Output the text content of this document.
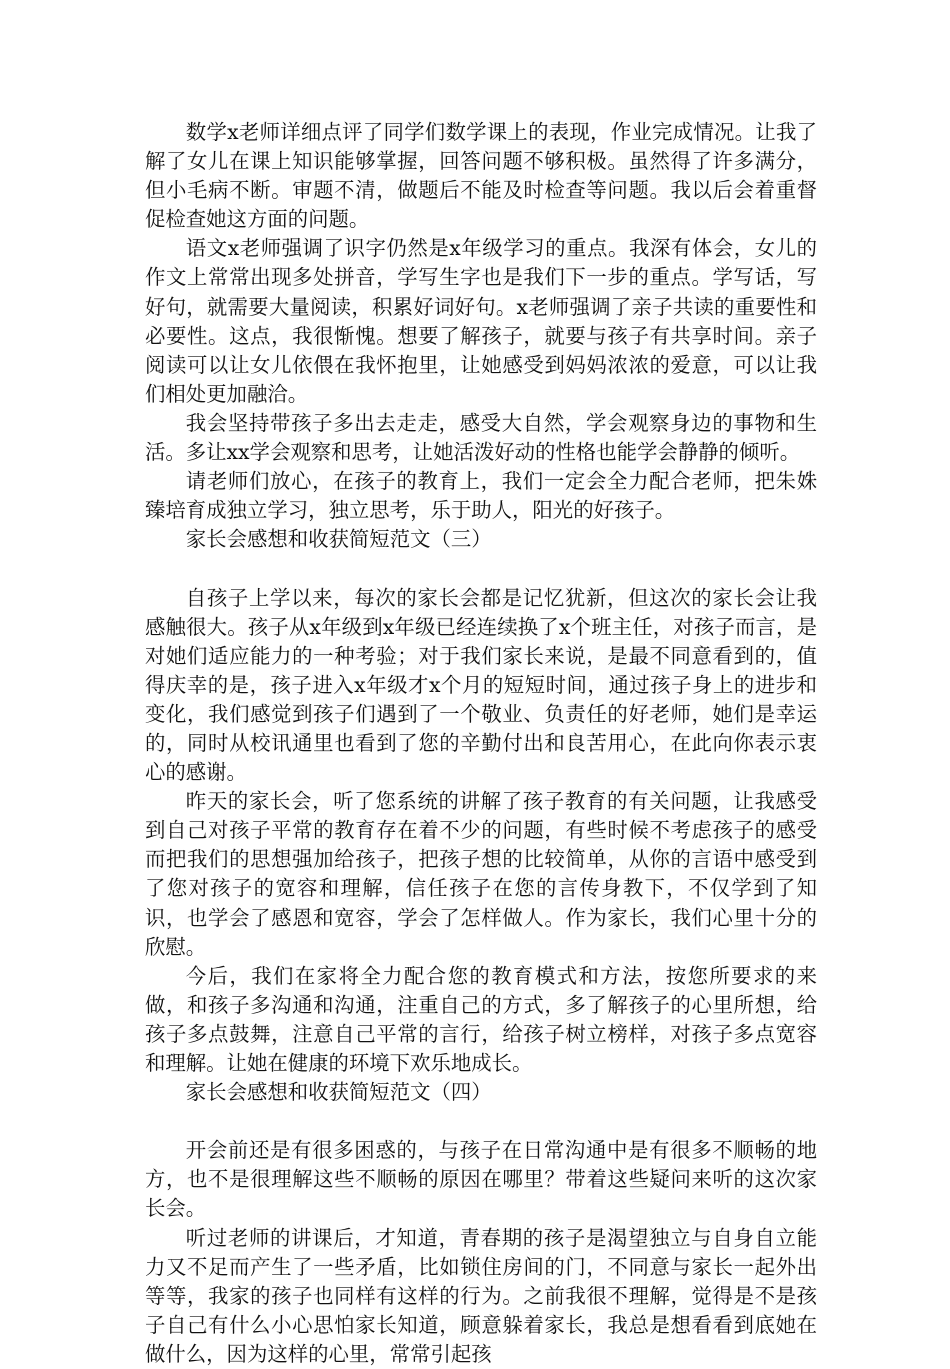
数学x老师详细点评了同学们数学课上的表现，作业完成情况。让我了解了女儿在课上知识能够掌握，回答问题不够积极。虽然得了许多满分，但小毛病不断。审题不清，做题后不能及时检查等问题。我以后会着重督促检查她这方面的问题。

语文x老师强调了识字仍然是x年级学习的重点。我深有体会，女儿的作文上常常出现多处拼音，学写生字也是我们下一步的重点。学写话，写好句，就需要大量阅读，积累好词好句。x老师强调了亲子共读的重要性和必要性。这点，我很惭愧。想要了解孩子，就要与孩子有共享时间。亲子阅读可以让女儿依偎在我怀抱里，让她感受到妈妈浓浓的爱意，可以让我们相处更加融洽。

我会坚持带孩子多出去走走，感受大自然，学会观察身边的事物和生活。多让xx学会观察和思考，让她活泼好动的性格也能学会静静的倾听。

请老师们放心，在孩子的教育上，我们一定会全力配合老师，把朱姝臻培育成独立学习，独立思考，乐于助人，阳光的好孩子。

家长会感想和收获简短范文（三）

自孩子上学以来，每次的家长会都是记忆犹新，但这次的家长会让我感触很大。孩子从x年级到x年级已经连续换了x个班主任，对孩子而言，是对她们适应能力的一种考验；对于我们家长来说，是最不同意看到的，值得庆幸的是，孩子进入x年级才x个月的短短时间，通过孩子身上的进步和变化，我们感觉到孩子们遇到了一个敬业、负责任的好老师，她们是幸运的，同时从校讯通里也看到了您的辛勤付出和良苦用心，在此向你表示衷心的感谢。

昨天的家长会，听了您系统的讲解了孩子教育的有关问题，让我感受到自己对孩子平常的教育存在着不少的问题，有些时候不考虑孩子的感受而把我们的思想强加给孩子，把孩子想的比较简单，从你的言语中感受到了您对孩子的宽容和理解，信任孩子在您的言传身教下，不仅学到了知识，也学会了感恩和宽容，学会了怎样做人。作为家长，我们心里十分的欣慰。

今后，我们在家将全力配合您的教育模式和方法，按您所要求的来做，和孩子多沟通和沟通，注重自己的方式，多了解孩子的心里所想，给孩子多点鼓舞，注意自己平常的言行，给孩子树立榜样，对孩子多点宽容和理解。让她在健康的环境下欢乐地成长。

家长会感想和收获简短范文（四）

开会前还是有很多困惑的，与孩子在日常沟通中是有很多不顺畅的地方，也不是很理解这些不顺畅的原因在哪里？带着这些疑问来听的这次家长会。

听过老师的讲课后，才知道，青春期的孩子是渴望独立与自身自立能力又不足而产生了一些矛盾，比如锁住房间的门，不同意与家长一起外出等等，我家的孩子也同样有这样的行为。之前我很不理解，觉得是不是孩子自己有什么小心思怕家长知道，顾意躲着家长，我总是想看看到底她在做什么，因为这样的心里，常常引起孩
